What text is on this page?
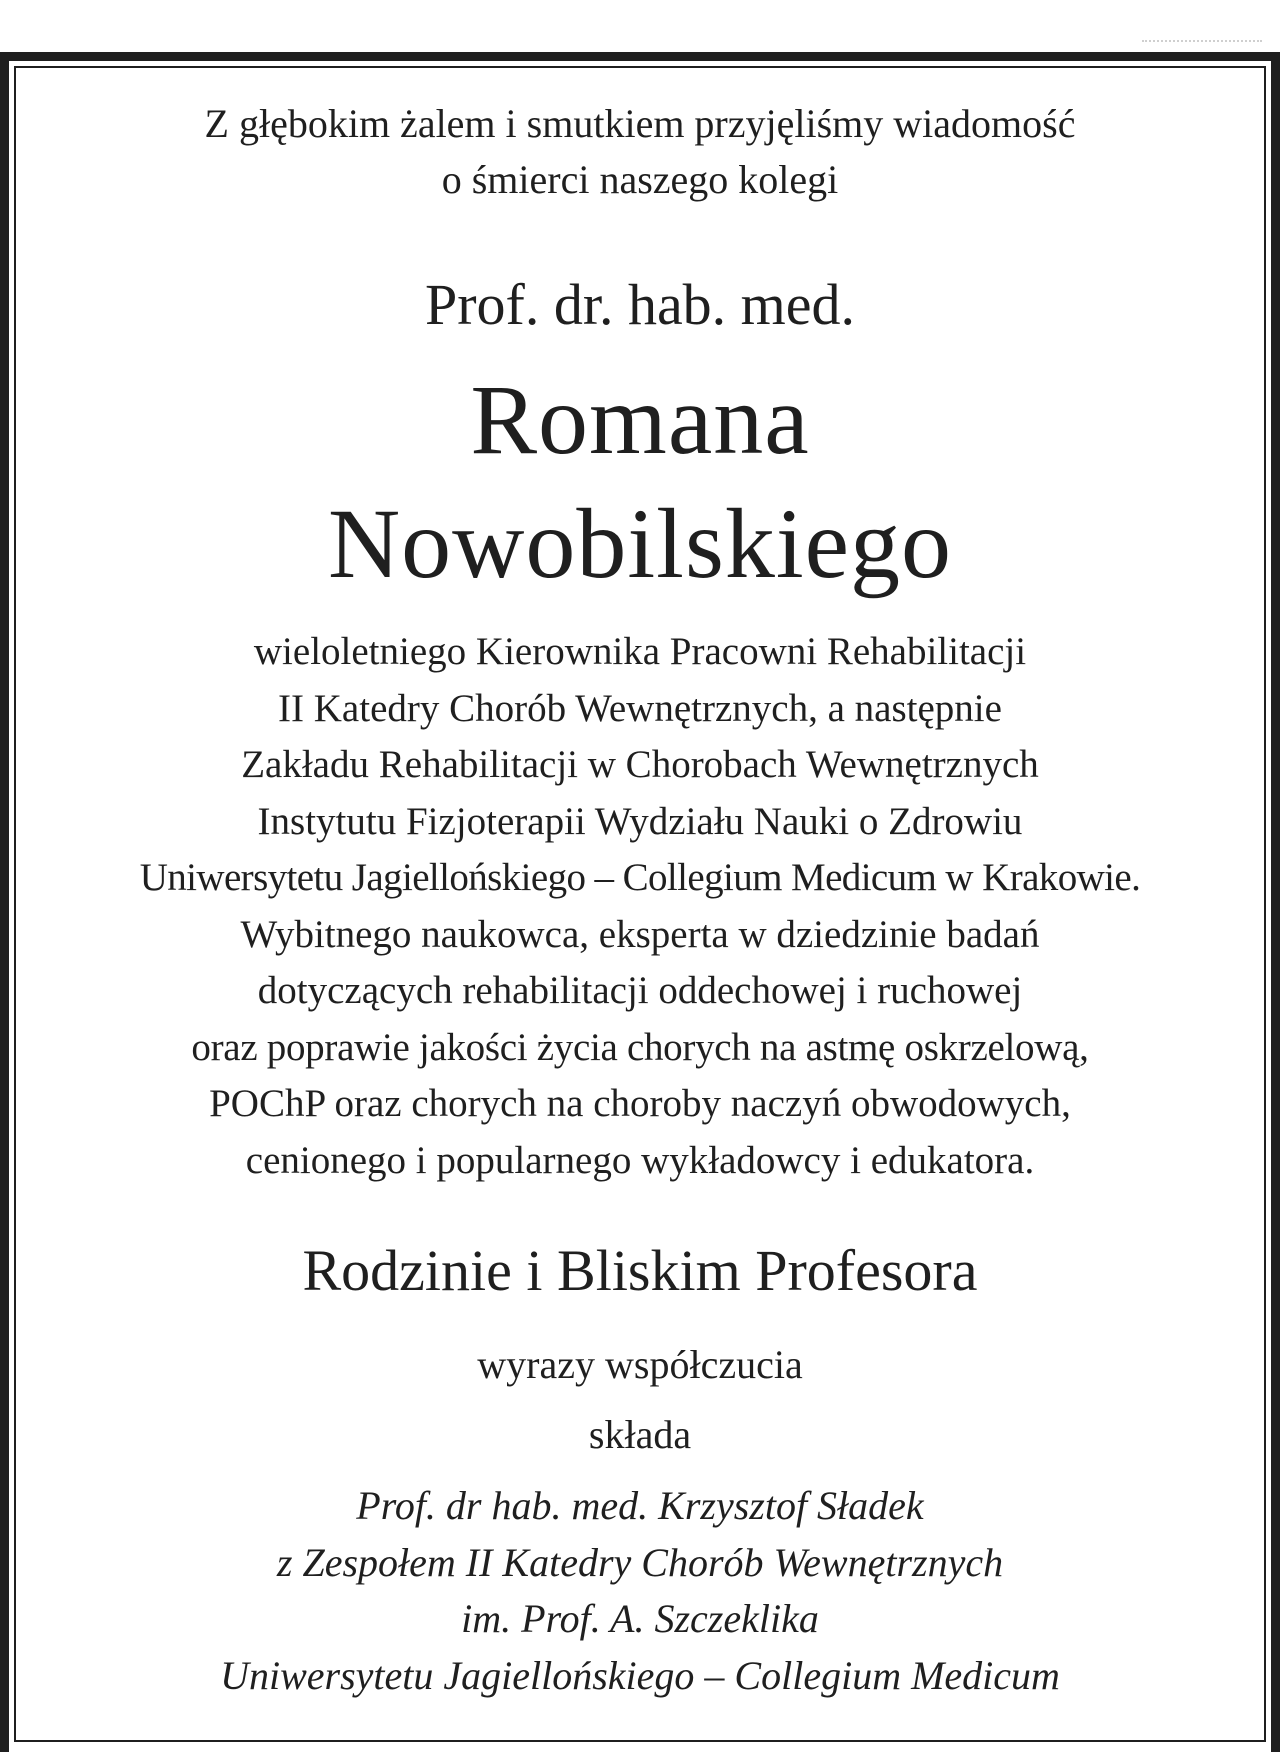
Z głębokim żalem i smutkiem przyjęliśmy wiadomość
o śmierci naszego kolegi
Prof. dr. hab. med.
Romana
Nowobilskiego
wieloletniego Kierownika Pracowni Rehabilitacji
II Katedry Chorób Wewnętrznych, a następnie
Zakładu Rehabilitacji w Chorobach Wewnętrznych
Instytutu Fizjoterapii Wydziału Nauki o Zdrowiu
Uniwersytetu Jagiellońskiego – Collegium Medicum w Krakowie.
Wybitnego naukowca, eksperta w dziedzinie badań
dotyczących rehabilitacji oddechowej i ruchowej
oraz poprawie jakości życia chorych na astmę oskrzelową,
POChP oraz chorych na choroby naczyń obwodowych,
cenionego i popularnego wykładowcy i edukatora.
Rodzinie i Bliskim Profesora
wyrazy współczucia
składa
Prof. dr hab. med. Krzysztof Sładek
z Zespołem II Katedry Chorób Wewnętrznych
im. Prof. A. Szczeklika
Uniwersytetu Jagiellońskiego – Collegium Medicum
